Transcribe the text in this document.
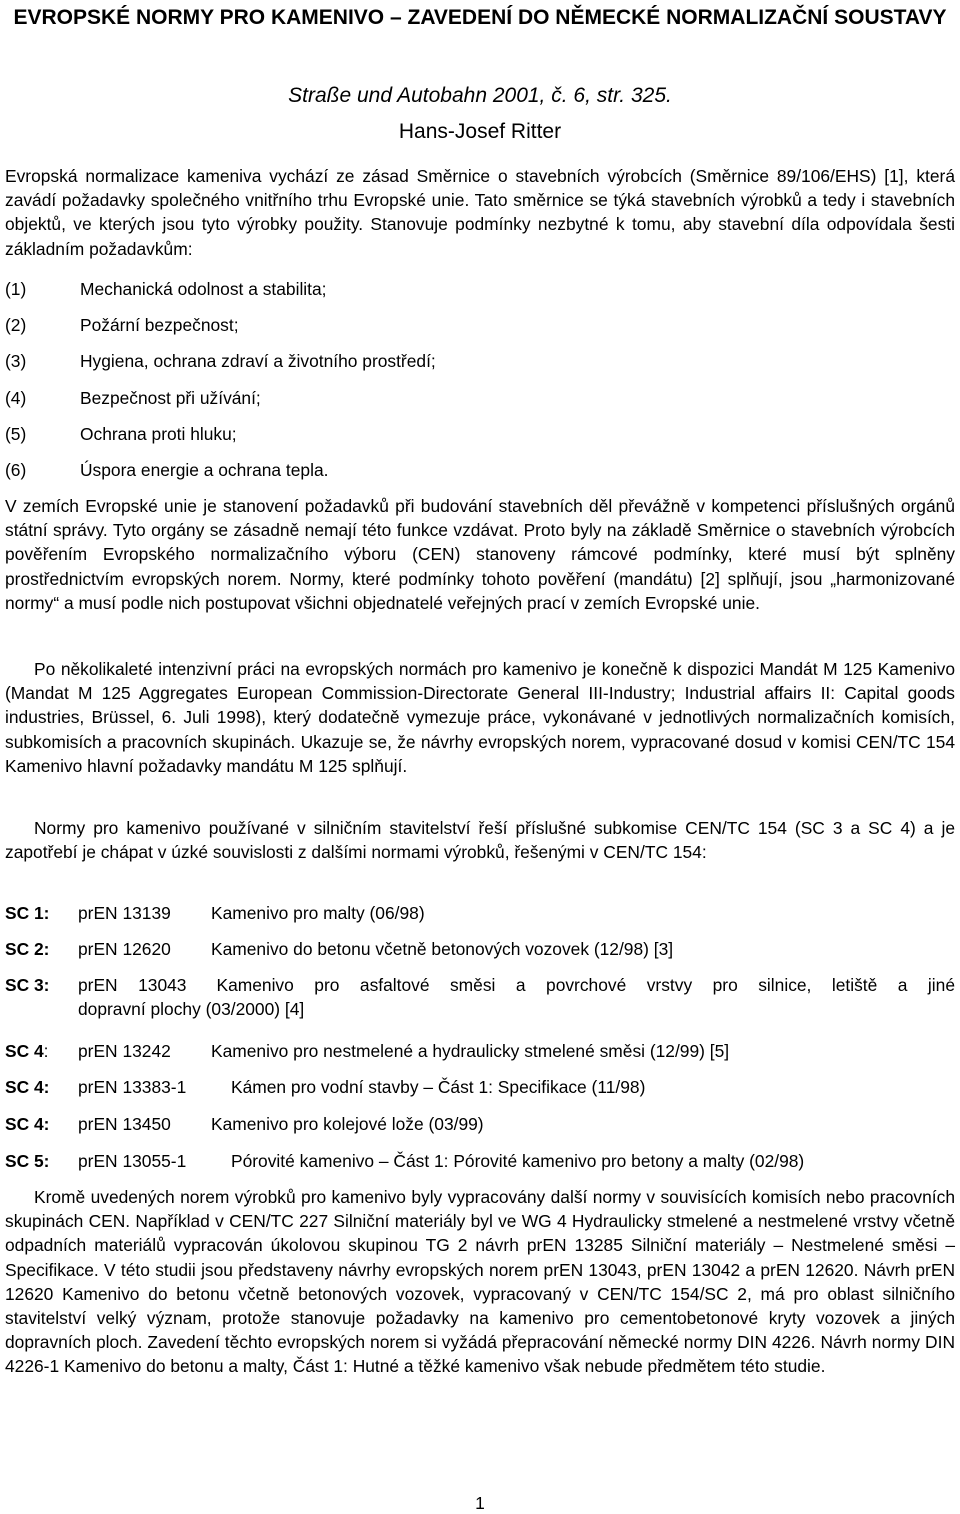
EVROPSKÉ NORMY PRO KAMENIVO – ZAVEDENÍ DO NĚMECKÉ NORMALIZAČNÍ SOUSTAVY
Straße und Autobahn 2001, č. 6, str. 325.
Hans-Josef Ritter
Evropská normalizace kameniva vychází ze zásad Směrnice o stavebních výrobcích (Směrnice 89/106/EHS) [1], která zavádí požadavky společného vnitřního trhu Evropské unie. Tato směrnice se týká stavebních výrobků a tedy i stavebních objektů, ve kterých jsou tyto výrobky použity. Stanovuje podmínky nezbytné k tomu, aby stavební díla odpovídala šesti základním požadavkům:
(1)	Mechanická odolnost a stabilita;
(2)	Požární bezpečnost;
(3)	Hygiena, ochrana zdraví a životního prostředí;
(4)	Bezpečnost při užívání;
(5)	Ochrana proti hluku;
(6)	Úspora energie a ochrana tepla.
V zemích Evropské unie je stanovení požadavků při budování stavebních děl převážně v kompetenci příslušných orgánů státní správy. Tyto orgány se zásadně nemají této funkce vzdávat. Proto byly na základě Směrnice o stavebních výrobcích pověřením Evropského normalizačního výboru (CEN) stanoveny rámcové podmínky, které musí být splněny prostřednictvím evropských norem. Normy, které podmínky tohoto pověření (mandátu) [2] splňují, jsou „harmonizované normy“ a musí podle nich postupovat všichni objednatelé veřejných prací v zemích Evropské unie.
Po několikaleté intenzivní práci na evropských normách pro kamenivo je konečně k dispozici Mandát M 125 Kamenivo (Mandat M 125 Aggregates European Commission-Directorate General III-Industry; Industrial affairs II: Capital goods industries, Brüssel, 6. Juli 1998), který dodatečně vymezuje práce, vykonávané v jednotlivých normalizačních komisích, subkomisích a pracovních skupinách. Ukazuje se, že návrhy evropských norem, vypracované dosud v komisi CEN/TC 154 Kamenivo hlavní požadavky mandátu M 125 splňují.
Normy pro kamenivo používané v silničním stavitelství řeší příslušné subkomise CEN/TC 154 (SC 3 a SC 4) a je zapotřebí je chápat v úzké souvislosti z dalšími normami výrobků, řešenými v CEN/TC 154:
SC 1: prEN 13139 Kamenivo pro malty (06/98)
SC 2: prEN 12620 Kamenivo do betonu včetně betonových vozovek (12/98) [3]
SC 3: prEN 13043 Kamenivo pro asfaltové směsi a povrchové vrstvy pro silnice, letiště a jiné
dopravní plochy (03/2000) [4]
SC 4: prEN 13242 Kamenivo pro nestmelené a hydraulicky stmelené směsi (12/99) [5]
SC 4: prEN 13383-1	Kámen pro vodní stavby – Část 1: Specifikace (11/98)
SC 4: prEN 13450 Kamenivo pro kolejové lože (03/99)
SC 5: prEN 13055-1	Pórovité kamenivo – Část 1: Pórovité kamenivo pro betony a malty (02/98)
Kromě uvedených norem výrobků pro kamenivo byly vypracovány další normy v souvisících komisích nebo pracovních skupinách CEN. Například v CEN/TC 227 Silniční materiály byl ve WG 4 Hydraulicky stmelené a nestmelené vrstvy včetně odpadních materiálů vypracován úkolovou skupinou TG 2 návrh prEN 13285 Silniční materiály – Nestmelené směsi – Specifikace. V této studii jsou představeny návrhy evropských norem prEN 13043, prEN 13042 a prEN 12620. Návrh prEN 12620 Kamenivo do betonu včetně betonových vozovek, vypracovaný v CEN/TC 154/SC 2, má pro oblast silničního stavitelství velký význam, protože stanovuje požadavky na kamenivo pro cementobetonové kryty vozovek a jiných dopravních ploch. Zavedení těchto evropských norem si vyžádá přepracování německé normy DIN 4226. Návrh normy DIN 4226-1 Kamenivo do betonu a malty, Část 1: Hutné a těžké kamenivo však nebude předmětem této studie.
1
